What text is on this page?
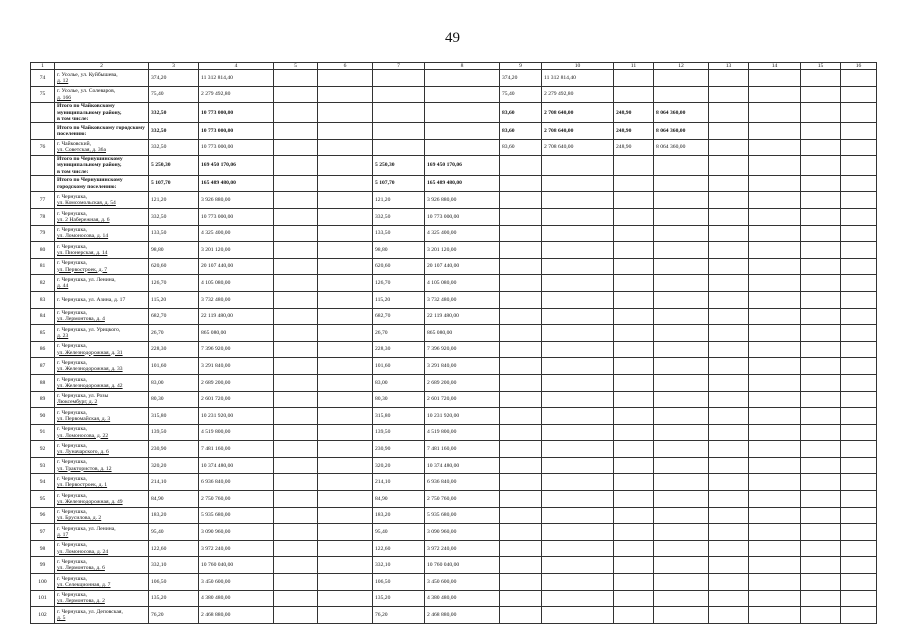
49
1	2	3	4	5	6	7	8	9	10	11	12	13	14	15	16
74	г. Усолье, ул. Куйбышева,
д. 12	374,20	11 312 814,40					374,20	11 312 814,40						
75	г. Усолье, ул. Солеваров,
д. 166	75,40	2 279 492,80					75,40	2 279 492,80						

	Итого по Чайковскому
муниципальному району,
в том числе:	332,50	10 773 000,00					83,60	2 708 640,00	248,90	8 064 360,00				

	Итого по Чайковскому городскому
поселению:	332,50	10 773 000,00					83,60	2 708 640,00	248,90	8 064 360,00				
76	г. Чайковский,
ул. Советская, д. 36а	332,50	10 773 000,00					83,60	2 708 640,00	248,90	8 064 360,00				

	Итого по Чернушинскому
муниципальному району,
в том числе:	5 250,30	169 450 170,06			5 250,30	169 450 170,06								

	Итого по Чернушинскому
городскому поселению:	5 107,70	165 489 480,00			5 107,70	165 489 480,00								
77	г. Чернушка,
ул. Комсомольская, д. 54	121,20	3 926 880,00			121,20	3 926 880,00								
78	г. Чернушка,
ул. 2 Набережная, д. 6	332,50	10 773 000,00			332,50	10 773 000,00								
79	г. Чернушка,
ул. Ломоносова, д. 14	133,50	4 325 400,00			133,50	4 325 400,00								
80	г. Чернушка,
ул. Пионерская, д. 14	98,80	3 201 120,00			98,80	3 201 120,00								
81	г. Чернушка,
ул. Первостроек, д. 7	620,60	20 107 440,00			620,60	20 107 440,00								
82	г. Чернушка, ул. Ленина,
д. 44	126,70	4 105 080,00			126,70	4 105 080,00								
83	г. Чернушка, ул. Азина, д. 17	115,20	3 732 480,00			115,20	3 732 480,00								
84	г. Чернушка,
ул. Лермонтова, д. 4	682,70	22 119 480,00			682,70	22 119 480,00								
85	г. Чернушка, ул. Урицкого,
д. 23	26,70	865 080,00			26,70	865 080,00								
86	г. Чернушка,
ул. Железнодорожная, д. 31	228,30	7 396 920,00			228,30	7 396 920,00								
87	г. Чернушка,
ул. Железнодорожная, д. 33	101,60	3 291 840,00			101,60	3 291 840,00								
88	г. Чернушка,
ул. Железнодорожная, д. 42	83,00	2 689 200,00			83,00	2 689 200,00								
89	г. Чернушка, ул. Розы
Люксембург, д. 2	80,30	2 601 720,00			80,30	2 601 720,00								
90	г. Чернушка,
ул. Первомайская, д. 3	315,80	10 231 920,00			315,80	10 231 920,00								
91	г. Чернушка,
ул. Ломоносова, д. 22	139,50	4 519 800,00			139,50	4 519 800,00								
92	г. Чернушка,
ул. Луначарского, д. 6	230,90	7 481 160,00			230,90	7 481 160,00								
93	г. Чернушка,
ул. Трактористов, д. 12	320,20	10 374 480,00			320,20	10 374 480,00								
94	г. Чернушка,
ул. Первостроек, д. 1	214,10	6 936 840,00			214,10	6 936 840,00								
95	г. Чернушка,
ул. Железнодорожная, д. 49	84,90	2 750 760,00			84,90	2 750 760,00								
96	г. Чернушка,
ул. Брусилова, д. 2	183,20	5 935 680,00			183,20	5 935 680,00								
97	г. Чернушка, ул. Ленина,
д. 17	95,40	3 090 960,00			95,40	3 090 960,00								
98	г. Чернушка,
ул. Ломоносова, д. 24	122,60	3 972 240,00			122,60	3 972 240,00								
99	г. Чернушка,
ул. Лермонтова, д. 6	332,10	10 760 040,00			332,10	10 760 040,00								
100	г. Чернушка,
ул. Селекционная, д. 7	106,50	3 450 600,00			106,50	3 450 600,00								
101	г. Чернушка,
ул. Лермонтова, д. 2	135,20	4 380 480,00			135,20	4 380 480,00								
102	г. Чернушка, ул. Деповская,
д. 5	76,20	2 468 880,00			76,20	2 468 880,00								
